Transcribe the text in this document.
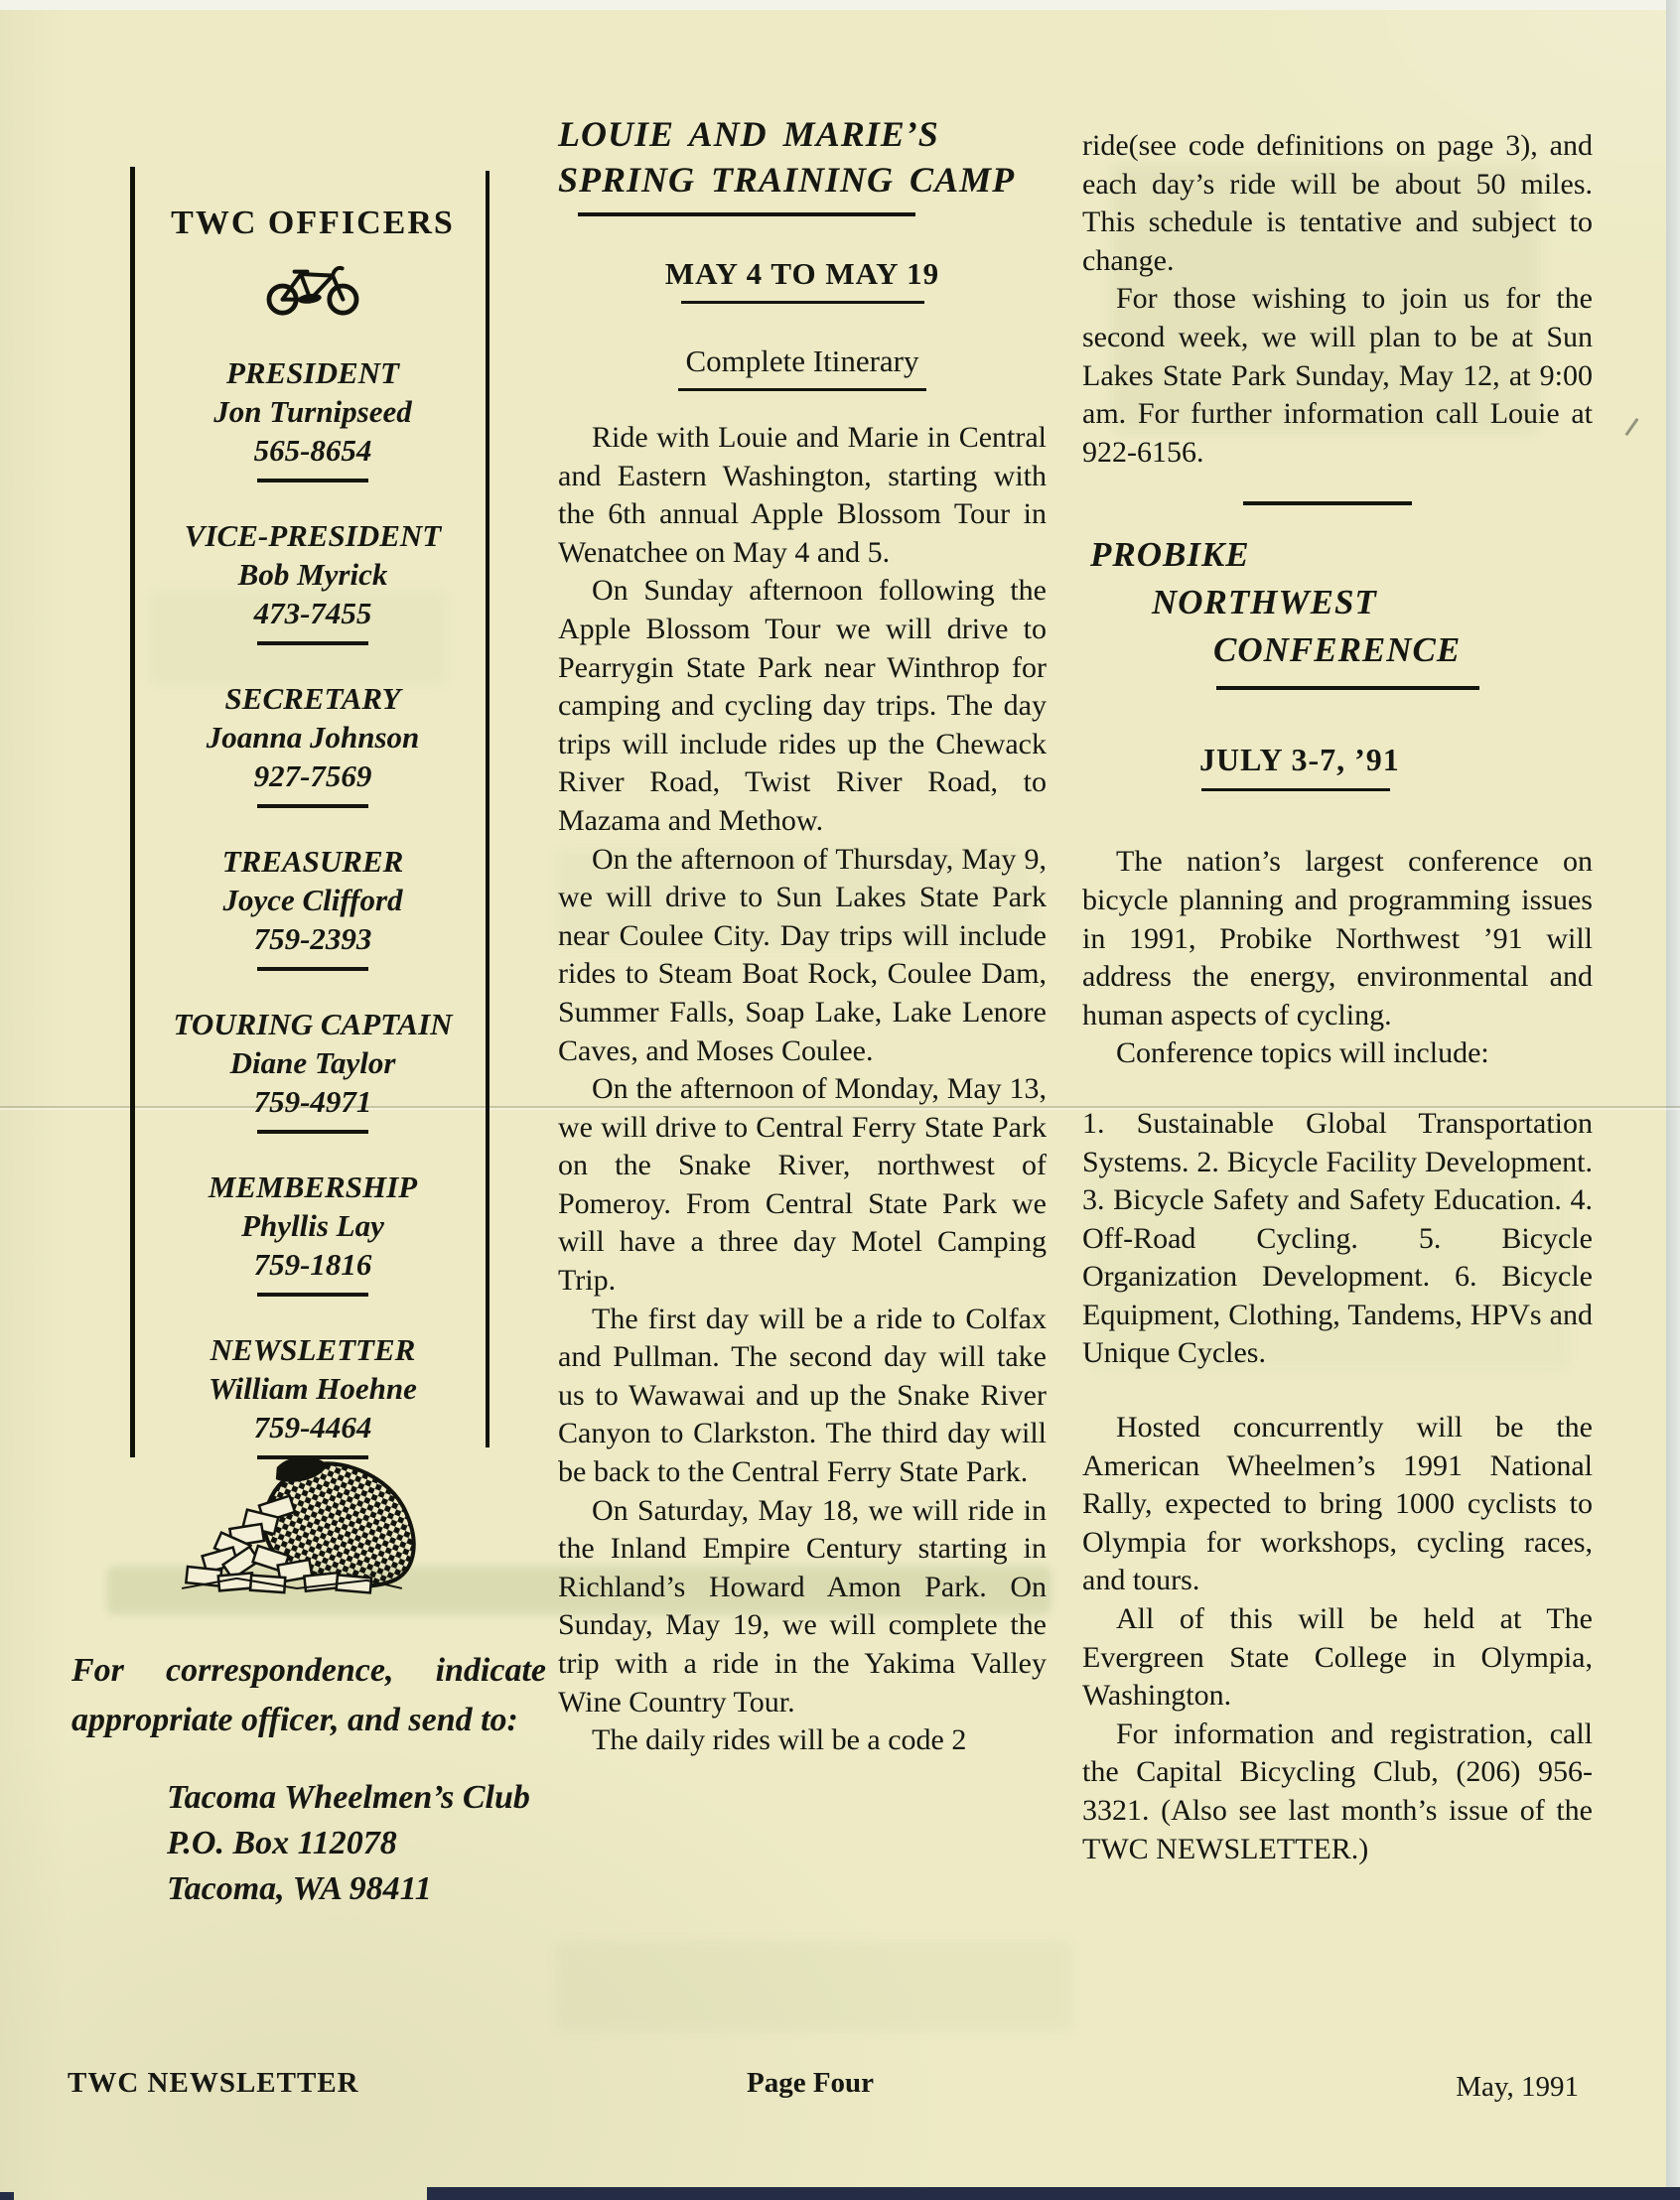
TWC OFFICERS
PRESIDENT
Jon Turnipseed
565-8654
VICE-PRESIDENT
Bob Myrick
473-7455
SECRETARY
Joanna Johnson
927-7569
TREASURER
Joyce Clifford
759-2393
TOURING CAPTAIN
Diane Taylor
759-4971
MEMBERSHIP
Phyllis Lay
759-1816
NEWSLETTER
William Hoehne
759-4464
For correspondence, indicate appropriate officer, and send to:
Tacoma Wheelmen’s Club
P.O. Box 112078
Tacoma, WA 98411
LOUIE AND MARIE’S
SPRING TRAINING CAMP
MAY 4 TO MAY 19
Complete Itinerary

Ride with Louie and Marie in Central and Eastern Washington, starting with the 6th annual Apple Blossom Tour in Wenatchee on May 4 and 5.

On Sunday afternoon following the Apple Blossom Tour we will drive to Pearrygin State Park near Winthrop for camping and cycling day trips. The day trips will include rides up the Chewack River Road, Twist River Road, to Mazama and Methow.

On the afternoon of Thursday, May 9, we will drive to Sun Lakes State Park near Coulee City. Day trips will include rides to Steam Boat Rock, Coulee Dam, Summer Falls, Soap Lake, Lake Lenore Caves, and Moses Coulee.

On the afternoon of Monday, May 13, we will drive to Central Ferry State Park on the Snake River, northwest of Pomeroy. From Central State Park we will have a three day Motel Camping Trip.

The first day will be a ride to Colfax and Pullman. The second day will take us to Wawawai and up the Snake River Canyon to Clarkston. The third day will be back to the Central Ferry State Park.

On Saturday, May 18, we will ride in the Inland Empire Century starting in Richland’s Howard Amon Park. On Sunday, May 19, we will complete the trip with a ride in the Yakima Valley Wine Country Tour.

The daily rides will be a code 2

ride(see code definitions on page 3), and each day’s ride will be about 50 miles. This schedule is tentative and subject to change.

For those wishing to join us for the second week, we will plan to be at Sun Lakes State Park Sunday, May 12, at 9:00 am. For further information call Louie at 922-6156.

PROBIKE
NORTHWEST
CONFERENCE
JULY 3-7, ’91

The nation’s largest conference on bicycle planning and programming issues in 1991, Probike Northwest ’91 will address the energy, environmental and human aspects of cycling.

Conference topics will include:

1. Sustainable Global Transportation Systems. 2. Bicycle Facility Development. 3. Bicycle Safety and Safety Education. 4. Off-Road Cycling. 5. Bicycle Organization Development. 6. Bicycle Equipment, Clothing, Tandems, HPVs and Unique Cycles.

Hosted concurrently will be the American Wheelmen’s 1991 National Rally, expected to bring 1000 cyclists to Olympia for workshops, cycling races, and tours.

All of this will be held at The Evergreen State College in Olympia, Washington.

For information and registration, call the Capital Bicycling Club, (206) 956-3321. (Also see last month’s issue of the TWC NEWSLETTER.)

TWC NEWSLETTER	Page Four	May, 1991
